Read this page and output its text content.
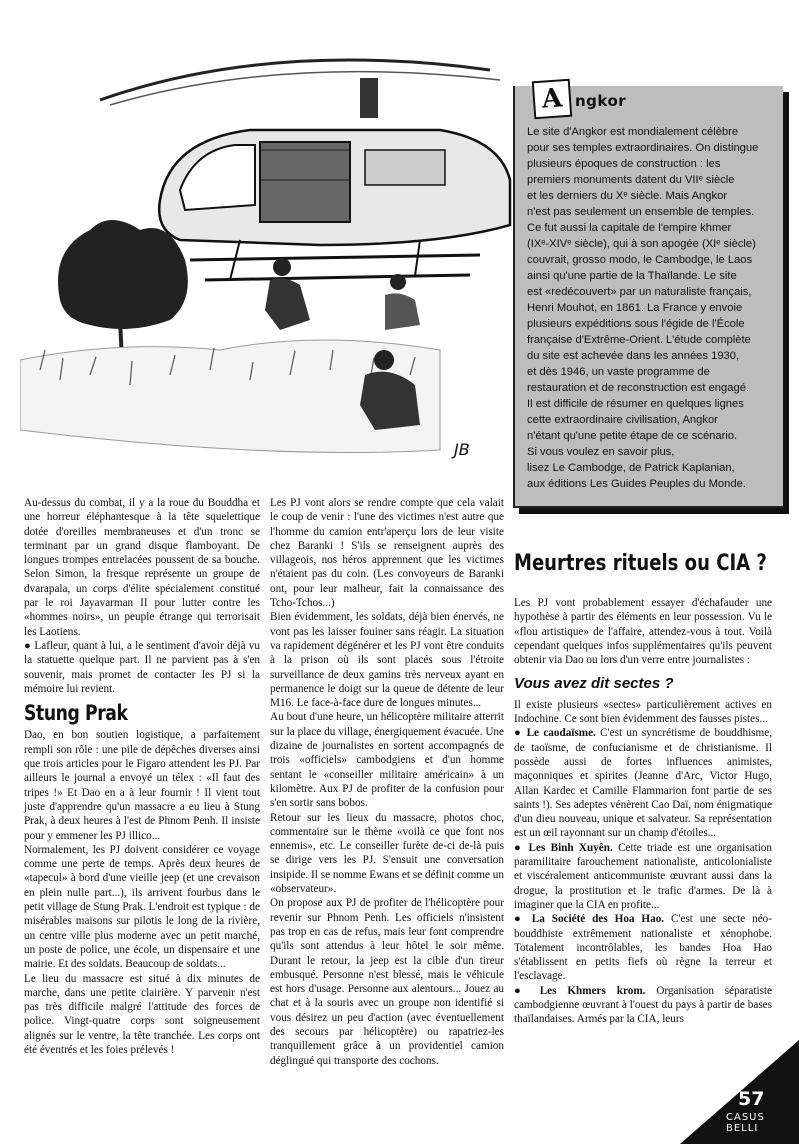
JB
A ngkor

Le site d'Angkor est mondialement célèbre

pour ses temples extraordinaires. On distingue

plusieurs époques de construction : les

premiers monuments datent du VIIᵉ siècle

et les derniers du Xᵉ siècle. Mais Angkor

n'est pas seulement un ensemble de temples.

Ce fut aussi la capitale de l'empire khmer

(IXᵉ-XIVᵉ siècle), qui à son apogée (XIᵉ siècle)

couvrait, grosso modo, le Cambodge, le Laos

ainsi qu'une partie de la Thaïlande. Le site

est «redécouvert» par un naturaliste français,

Henri Mouhot, en 1861. La France y envoie

plusieurs expéditions sous l'égide de l'École

française d'Extrême-Orient. L'étude complète

du site est achevée dans les années 1930,

et dès 1946, un vaste programme de

restauration et de reconstruction est engagé.

Il est difficile de résumer en quelques lignes

cette extraordinaire civilisation, Angkor

n'étant qu'une petite étape de ce scénario.

Si vous voulez en savoir plus,

lisez Le Cambodge, de Patrick Kaplanian,

aux éditions Les Guides Peuples du Monde.

Au-dessus du combat, il y a la roue du Bouddha et une horreur éléphantesque à la tête squelettique dotée d'oreilles membraneuses et d'un tronc se terminant par un grand disque flamboyant. De longues trompes entrelacées poussent de sa bouche. Selon Simon, la fresque représente un groupe de dvarapala, un corps d'élite spécialement constitué par le roi Jayavarman II pour lutter contre les «hommes noirs», un peuple étrange qui terrorisait les Laotiens.

● Lafleur, quant à lui, a le sentiment d'avoir déjà vu la statuette quelque part. Il ne parvient pas à s'en souvenir, mais promet de contacter les PJ si la mémoire lui revient.

Stung Prak

Dao, en bon soutien logistique, a parfaitement rempli son rôle : une pile de dépêches diverses ainsi que trois articles pour le Figaro attendent les PJ. Par ailleurs le journal a envoyé un télex : «Il faut des tripes !» Et Dao en a à leur fournir ! Il vient tout juste d'apprendre qu'un massacre a eu lieu à Stung Prak, à deux heures à l'est de Phnom Penh. Il insiste pour y emmener les PJ illico...

Normalement, les PJ doivent considérer ce voyage comme une perte de temps. Après deux heures de «tapecul» à bord d'une vieille jeep (et une crevaison en plein nulle part...), ils arrivent fourbus dans le petit village de Stung Prak. L'endroit est typique : de misérables maisons sur pilotis le long de la rivière, un centre ville plus moderne avec un petit marché, un poste de police, une école, un dispensaire et une mairie. Et des soldats. Beaucoup de soldats...

Le lieu du massacre est situé à dix minutes de marche, dans une petite clairière. Y parvenir n'est pas très difficile malgré l'attitude des forces de police. Vingt-quatre corps sont soigneusement alignés sur le ventre, la tête tranchée. Les corps ont été éventrés et les foies prélevés !

Les PJ vont alors se rendre compte que cela valait le coup de venir : l'une des victimes n'est autre que l'homme du camion entr'aperçu lors de leur visite chez Baranki ! S'ils se renseignent auprès des villageois, nos héros apprennent que les victimes n'étaient pas du coin. (Les convoyeurs de Baranki ont, pour leur malheur, fait la connaissance des Tcho-Tchos...)

Bien évidemment, les soldats, déjà bien énervés, ne vont pas les laisser fouiner sans réagir. La situation va rapidement dégénérer et les PJ vont être conduits à la prison où ils sont placés sous l'étroite surveillance de deux gamins très nerveux ayant en permanence le doigt sur la queue de détente de leur M16. Le face-à-face dure de longues minutes...

Au bout d'une heure, un hélicoptère militaire atterrit sur la place du village, énergiquement évacuée. Une dizaine de journalistes en sortent accompagnés de trois «officiels» cambodgiens et d'un homme sentant le «conseiller militaire américain» à un kilomètre. Aux PJ de profiter de la confusion pour s'en sortir sans bobos.

Retour sur les lieux du massacre, photos choc, commentaire sur le thème «voilà ce que font nos ennemis», etc. Le conseiller furète de-ci de-là puis se dirige vers les PJ. S'ensuit une conversation insipide. Il se nomme Ewans et se définit comme un «observateur».

On propose aux PJ de profiter de l'hélicoptère pour revenir sur Phnom Penh. Les officiels n'insistent pas trop en cas de refus, mais leur font comprendre qu'ils sont attendus à leur hôtel le soir même. Durant le retour, la jeep est la cible d'un tireur embusqué. Personne n'est blessé, mais le véhicule est hors d'usage. Personne aux alentours... Jouez au chat et à la souris avec un groupe non identifié si vous désirez un peu d'action (avec éventuellement des secours par hélicoptère) ou rapatriez-les tranquillement grâce à un providentiel camion déglingué qui transporte des cochons.

Meurtres rituels ou CIA ?

Les PJ vont probablement essayer d'échafauder une hypothèse à partir des éléments en leur possession. Vu le «flou artistique» de l'affaire, attendez-vous à tout. Voilà cependant quelques infos supplémentaires qu'ils peuvent obtenir via Dao ou lors d'un verre entre journalistes :

Vous avez dit sectes ?

Il existe plusieurs «sectes» particulièrement actives en Indochine. Ce sont bien évidemment des fausses pistes...

● Le caodaïsme. C'est un syncrétisme de bouddhisme, de taoïsme, de confucianisme et de christianisme. Il possède aussi de fortes influences animistes, maçonniques et spirites (Jeanne d'Arc, Victor Hugo, Allan Kardec et Camille Flammarion font partie de ses saints !). Ses adeptes vénèrent Cao Daï, nom énigmatique d'un dieu nouveau, unique et salvateur. Sa représentation est un œil rayonnant sur un champ d'étoiles...

● Les Binh Xuyên. Cette triade est une organisation paramilitaire farouchement nationaliste, anticolonialiste et viscéralement anticommuniste œuvrant aussi dans la drogue, la prostitution et le trafic d'armes. De là à imaginer que la CIA en profite...

● La Société des Hoa Hao. C'est une secte néo-bouddhiste extrêmement nationaliste et xénophobe. Totalement incontrôlables, les bandes Hoa Hao s'établissent en petits fiefs où règne la terreur et l'esclavage.

● Les Khmers krom. Organisation séparatiste cambodgienne œuvrant à l'ouest du pays à partir de bases thaïlandaises. Armés par la CIA, leurs

▷ 57
CASUS BELLI
